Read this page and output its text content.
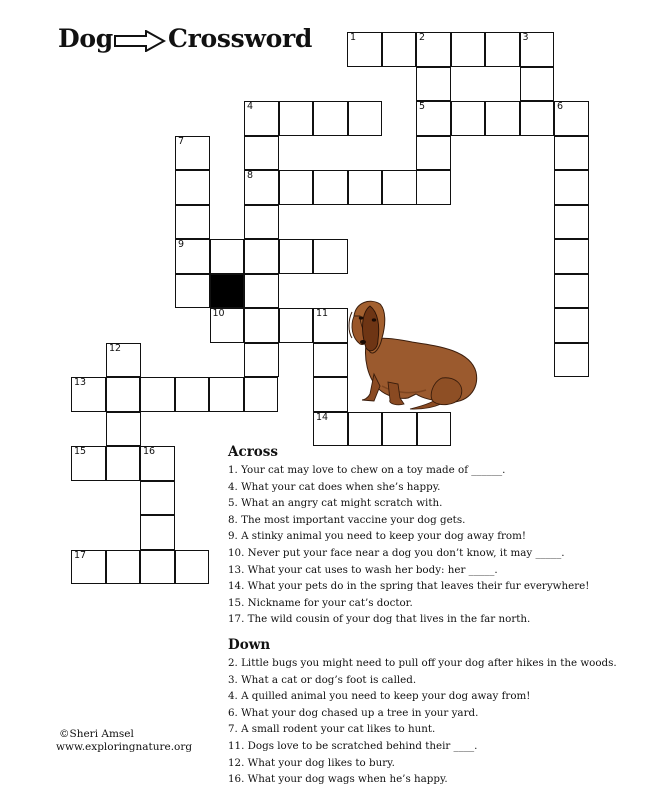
Dog Crossword	1	2	3
4	5	6
7
8
9
10	11
12
13
14
15	16
17
Across
1. Your cat may love to chew on a toy made of ______.
4. What your cat does when she’s happy.
5. What an angry cat might scratch with.
8. The most important vaccine your dog gets.
9. A stinky animal you need to keep your dog away from!
10. Never put your face near a dog you don’t know, it may _____.
13. What your cat uses to wash her body: her _____.
14. What your pets do in the spring that leaves their fur everywhere!
15. Nickname for your cat’s doctor.
17. The wild cousin of your dog that lives in the far north.
Down
2. Little bugs you might need to pull off your dog after hikes in the woods.
3. What a cat or dog’s foot is called.
4. A quilled animal you need to keep your dog away from!
6. What your dog chased up a tree in your yard.
7. A small rodent your cat likes to hunt.
11. Dogs love to be scratched behind their ____.
12. What your dog likes to bury.
16. What your dog wags when he’s happy.
©Sheri Amsel
www.exploringnature.org
